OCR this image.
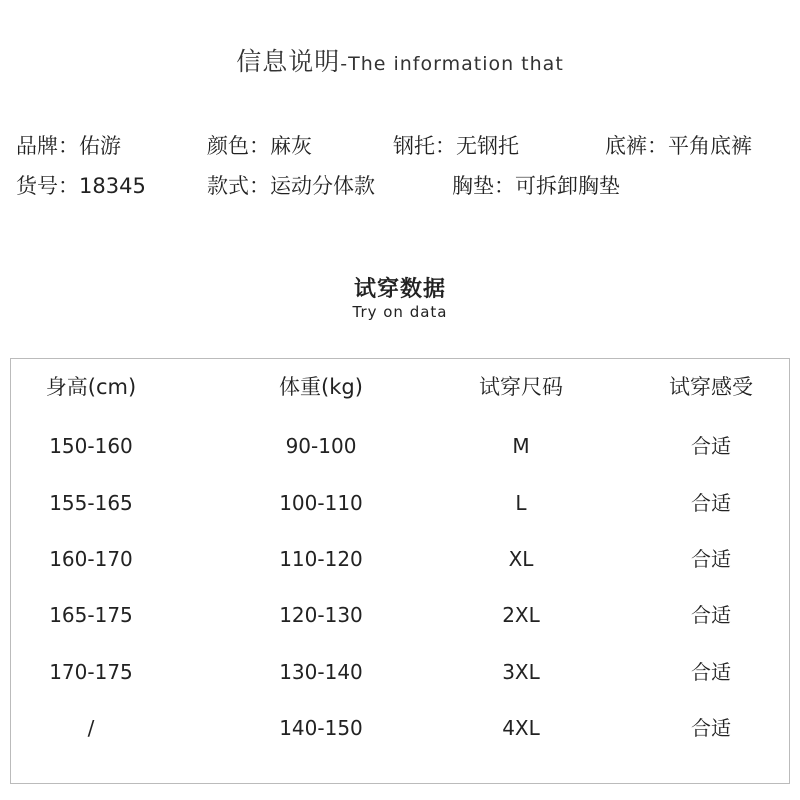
信息说明-The information that
品牌：佑游	颜色：麻灰	钢托：无钢托	底裤：平角底裤
货号：18345	款式：运动分体款	胸垫：可拆卸胸垫
试穿数据
Try on data
身高(cm)	体重(kg)	试穿尺码	试穿感受
150-160	90-100	M	合适
155-165	100-110	L	合适
160-170	110-120	XL	合适
165-175	120-130	2XL	合适
170-175	130-140	3XL	合适
/	140-150	4XL	合适
